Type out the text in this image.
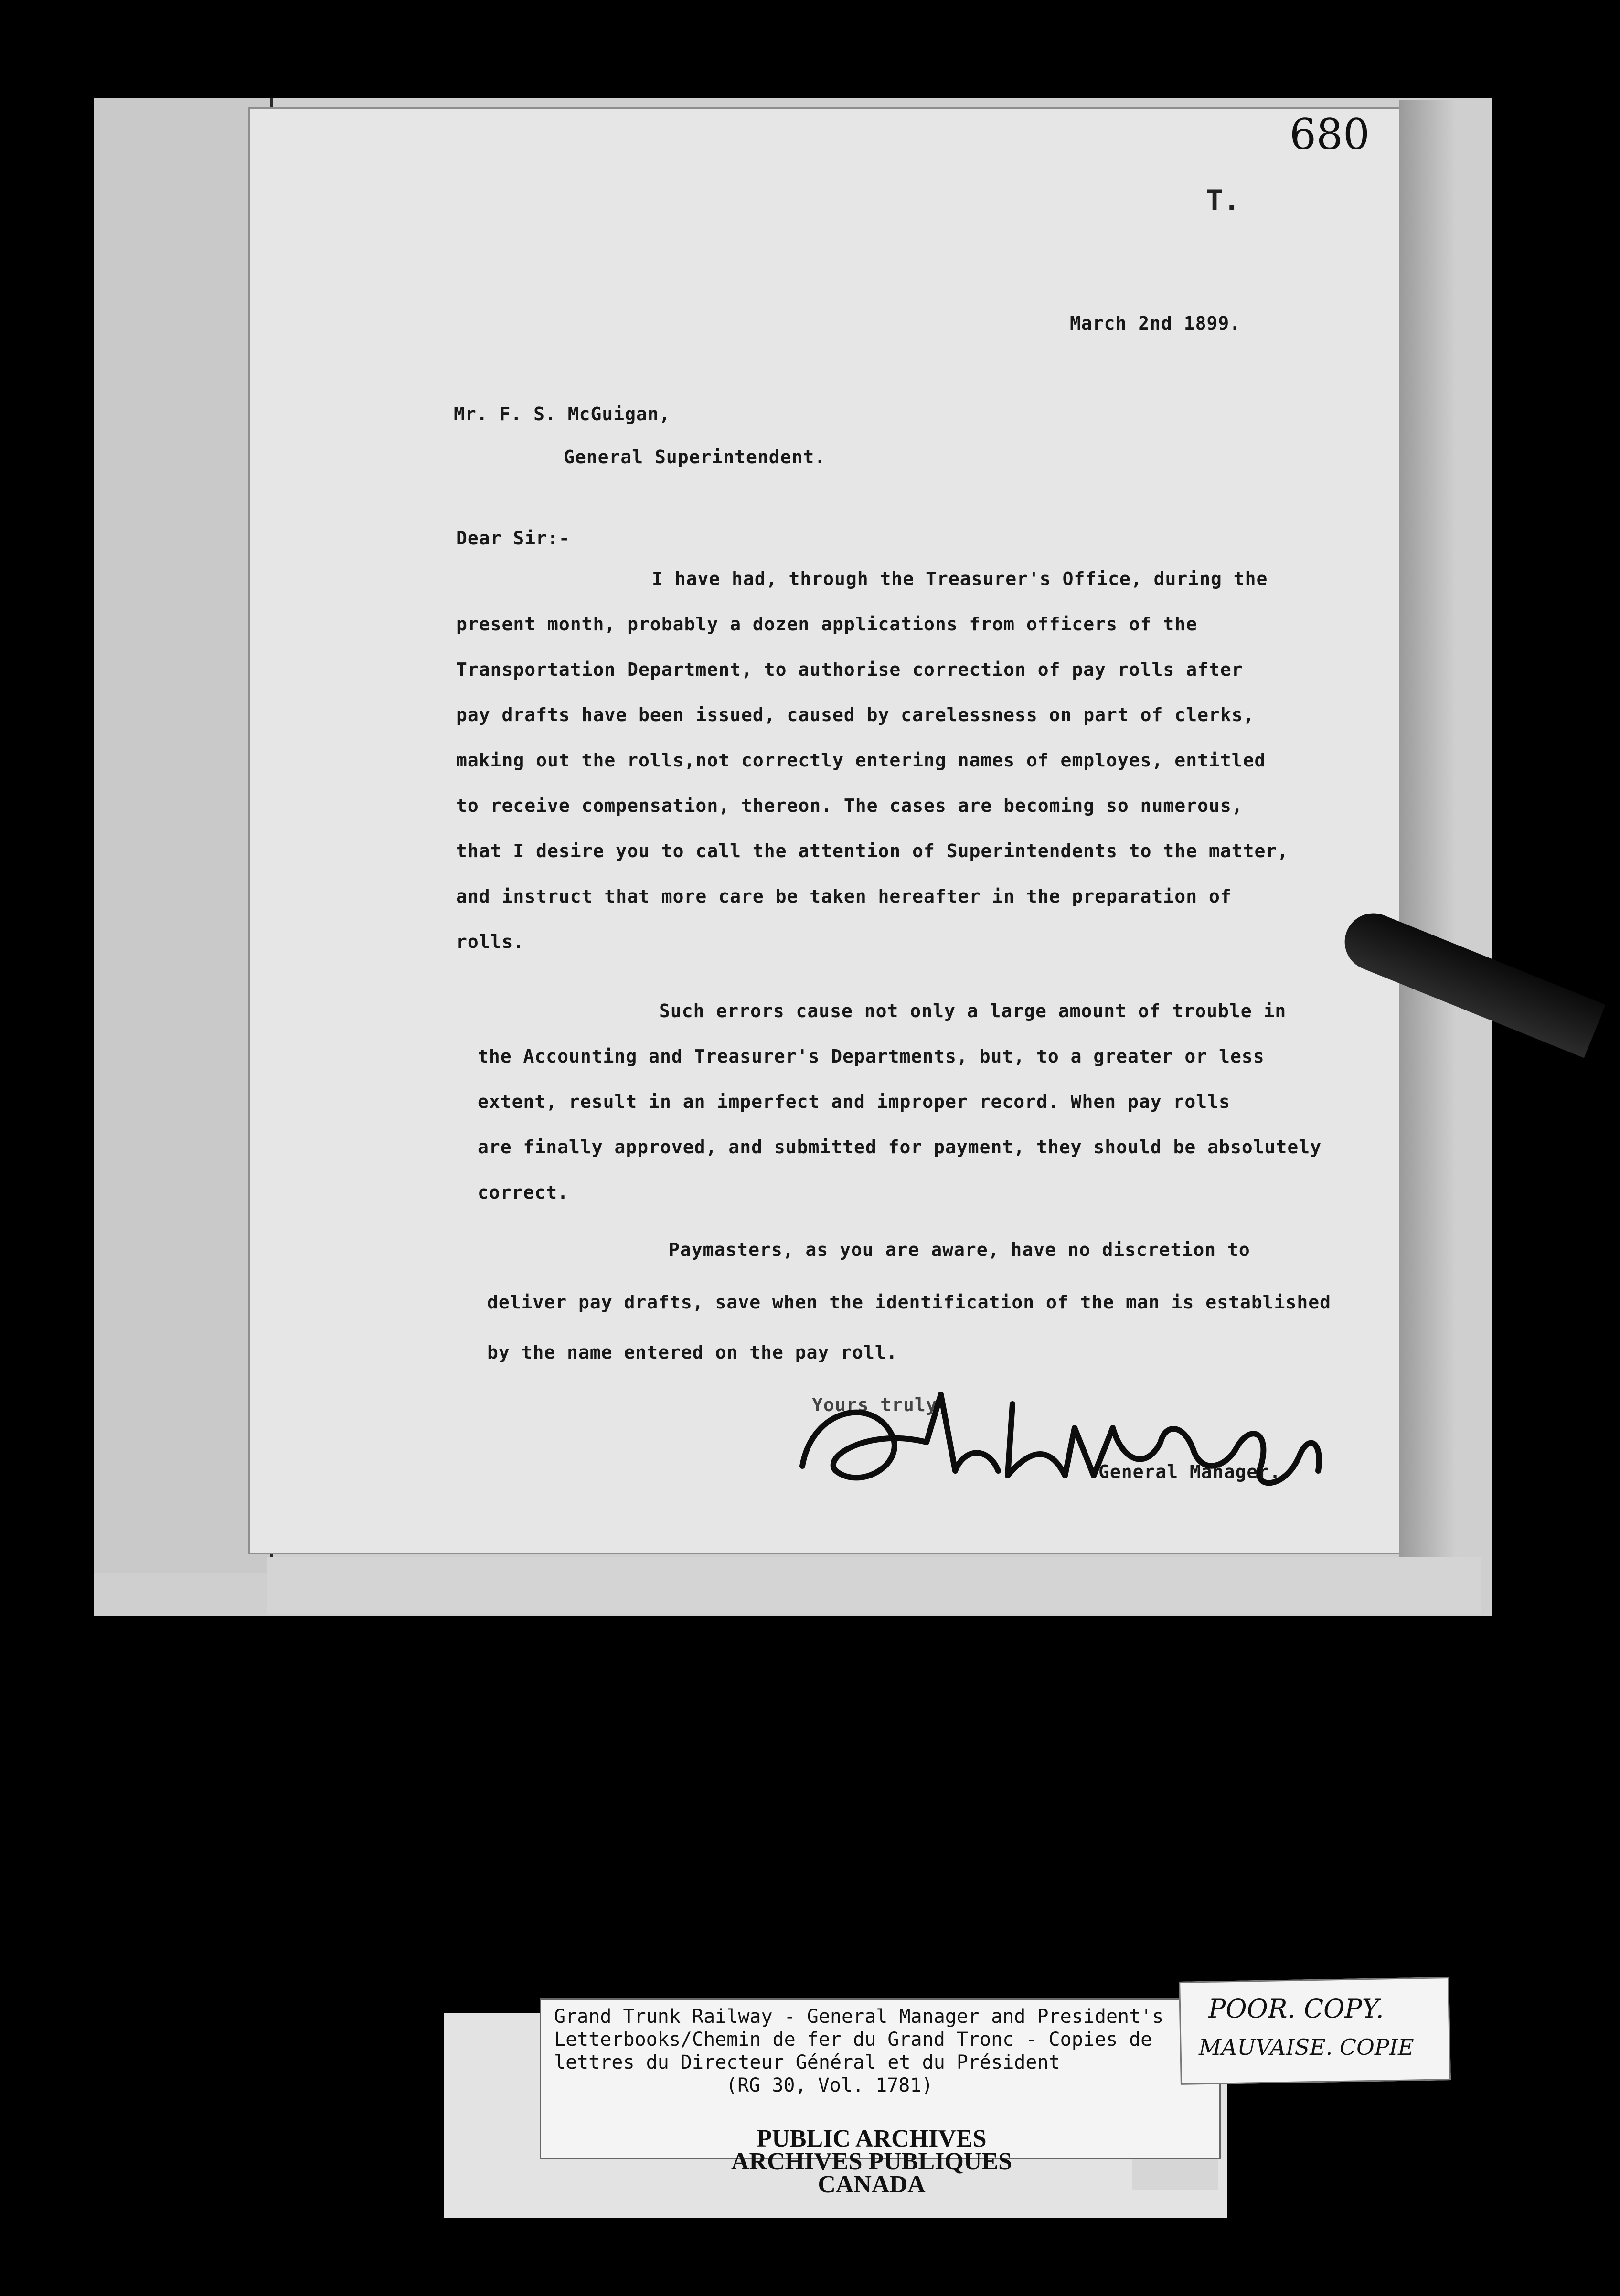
680
T.
March 2nd 1899.
Mr. F. S. McGuigan,
General Superintendent.
Dear Sir:-
I have had, through the Treasurer's Office, during the
present month, probably a dozen applications from officers of the
Transportation Department, to authorise correction of pay rolls after
pay drafts have been issued, caused by carelessness on part of clerks,
making out the rolls,not correctly entering names of employes, entitled
to receive compensation, thereon. The cases are becoming so numerous,
that I desire you to call the attention of Superintendents to the matter,
and instruct that more care be taken hereafter in the preparation of
rolls.
Such errors cause not only a large amount of trouble in
the Accounting and Treasurer's Departments, but, to a greater or less
extent, result in an imperfect and improper record. When pay rolls
are finally approved, and submitted for payment, they should be absolutely
correct.
Paymasters, as you are aware, have no discretion to
deliver pay drafts, save when the identification of the man is established
by the name entered on the pay roll.
Yours truly,
General Manager.
Grand Trunk Railway - General Manager and President's
Letterbooks/Chemin de fer du Grand Tronc - Copies de
lettres du Directeur Général et du Président
(RG 30, Vol. 1781)
PUBLIC ARCHIVES
ARCHIVES PUBLIQUES
CANADA
POOR. COPY.
MAUVAISE. COPIE
